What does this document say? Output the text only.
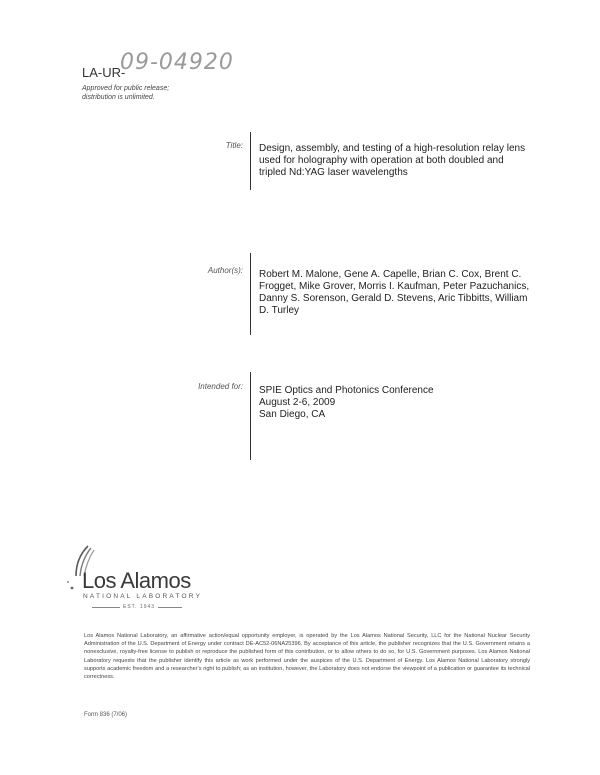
LA-UR-
09-04920
Approved for public release;
distribution is unlimited.
Title: Design, assembly, and testing of a high-resolution relay lens
used for holography with operation at both doubled and
tripled Nd:YAG laser wavelengths
Author(s): Robert M. Malone, Gene A. Capelle, Brian C. Cox, Brent C.
Frogget, Mike Grover, Morris I. Kaufman, Peter Pazuchanics,
Danny S. Sorenson, Gerald D. Stevens, Aric Tibbitts, William
D. Turley
Intended for: SPIE Optics and Photonics Conference
August 2-6, 2009
San Diego, CA
Los Alamos
NATIONAL LABORATORY
EST. 1943
Los Alamos National Laboratory, an affirmative action/equal opportunity employer, is operated by the Los Alamos National Security, LLC for the National Nuclear Security Administration of the U.S. Department of Energy under contract DE-AC52-06NA25396. By acceptance of this article, the publisher recognizes that the U.S. Government retains a nonexclusive, royalty-free license to publish or reproduce the published form of this contribution, or to allow others to do so, for U.S. Government purposes. Los Alamos National Laboratory requests that the publisher identify this article as work performed under the auspices of the U.S. Department of Energy. Los Alamos National Laboratory strongly supports academic freedom and a researcher's right to publish; as an institution, however, the Laboratory does not endorse the viewpoint of a publication or guarantee its technical correctness.
Form 836 (7/06)
